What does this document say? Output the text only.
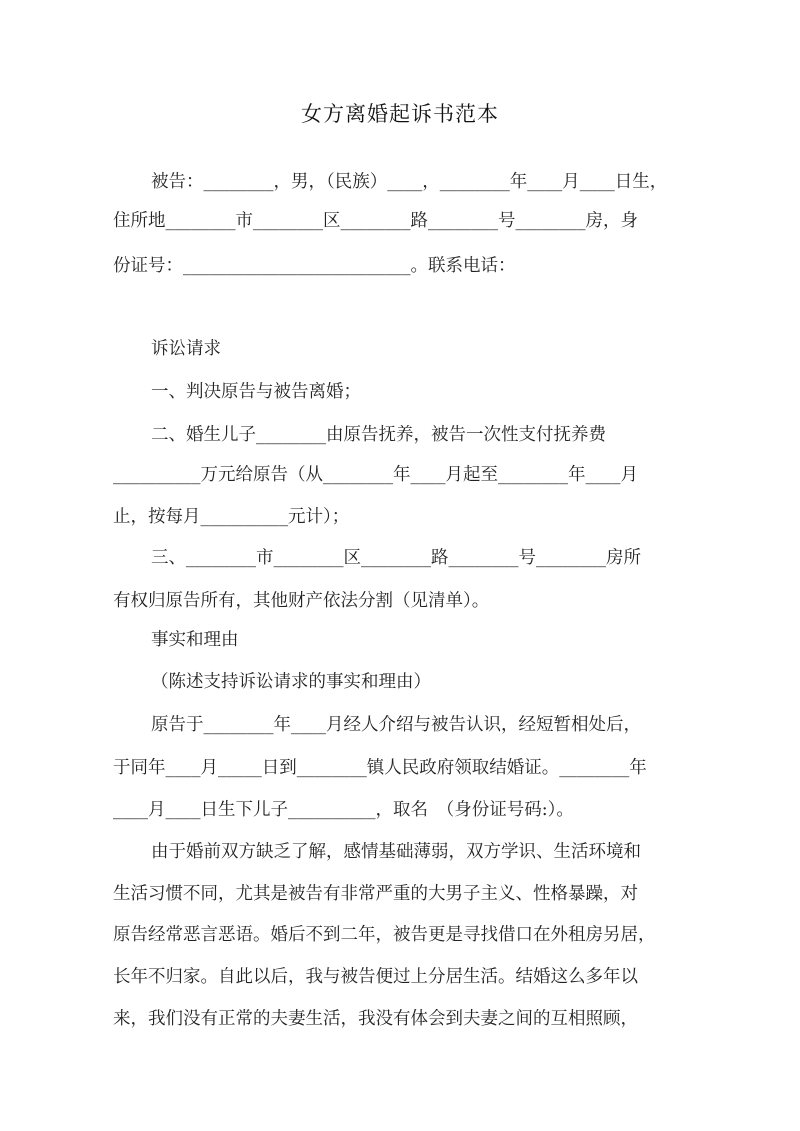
女方离婚起诉书范本
被告：________，男，（民族）____，________年____月____日生，
住所地________市________区________路________号________房，身
份证号：__________________________。联系电话：
诉讼请求
一、判决原告与被告离婚；
二、婚生儿子________由原告抚养，被告一次性支付抚养费
__________万元给原告（从________年____月起至________年____月
止，按每月__________元计）；
三、________市________区________路________号________房所
有权归原告所有，其他财产依法分割（见清单）。
事实和理由
（陈述支持诉讼请求的事实和理由）
原告于________年____月经人介绍与被告认识，经短暂相处后，
于同年____月_____日到________镇人民政府领取结婚证。________年
____月____日生下儿子__________，取名　（身份证号码:）。
由于婚前双方缺乏了解，感情基础薄弱，双方学识、生活环境和
生活习惯不同，尤其是被告有非常严重的大男子主义、性格暴躁，对
原告经常恶言恶语。婚后不到二年，被告更是寻找借口在外租房另居，
长年不归家。自此以后，我与被告便过上分居生活。结婚这么多年以
来，我们没有正常的夫妻生活，我没有体会到夫妻之间的互相照顾，
